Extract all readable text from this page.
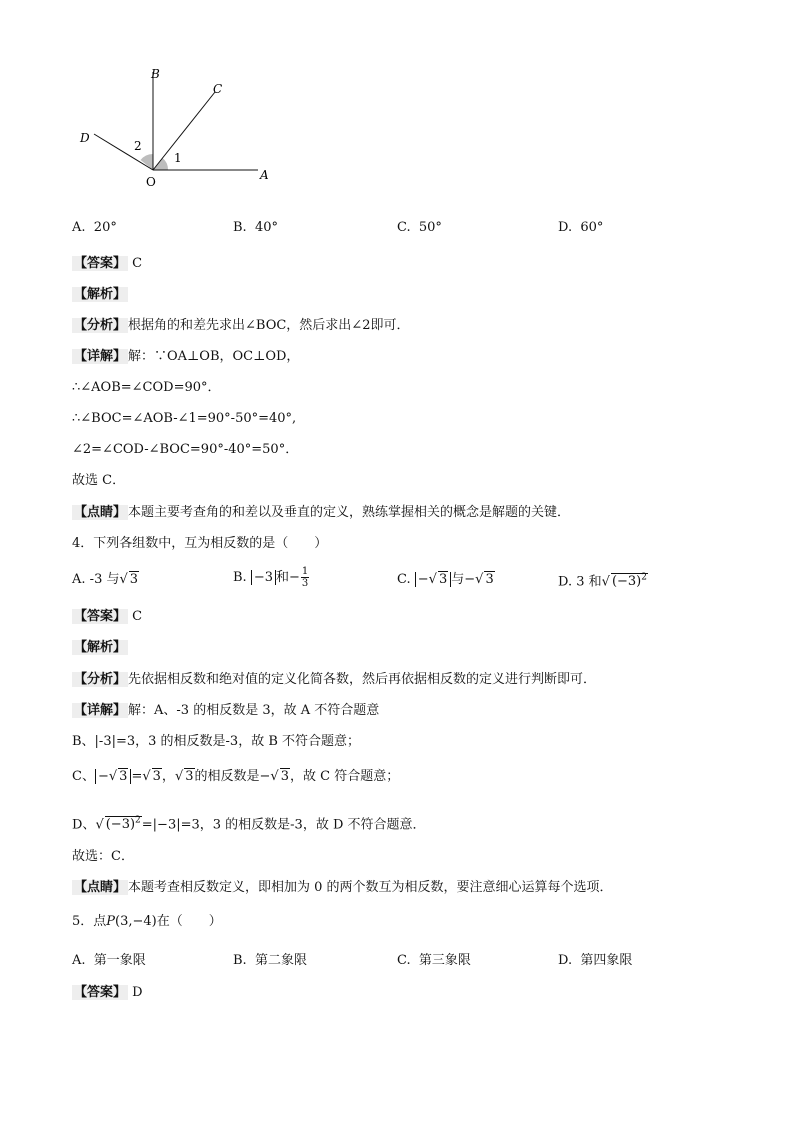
B
C
D
O	A
1
2
A. 20°	B. 40°	C. 50°	D. 60°
【答案】 C
【解析】
【分析】 根据角的和差先求出∠BOC，然后求出∠2即可．
【详解】 解：∵OA⊥OB，OC⊥OD，
∴∠AOB=∠COD=90°．
∴∠BOC=∠AOB-∠1=90°-50°=40°,
∠2=∠COD-∠BOC=90°-40°=50°．
故选 C．
【点睛】 本题主要考查角的和差以及垂直的定义，熟练掌握相关的概念是解题的关键．
4．下列各组数中，互为相反数的是（　　）
A. -3 与√ 3	B. −3 和− $\frac{1}{3}$	C. −√ 3 与−√ 3	D. 3 和√ $(-3)^2$
【答案】 C
【解析】
【分析】 先依据相反数和绝对值的定义化简各数，然后再依据相反数的定义进行判断即可．
【详解】 解：A、-3 的相反数是 3，故 A 不符合题意
B、|-3|=3，3 的相反数是-3，故 B 不符合题意；
C、 −√ 3 =√ 3，√ 3的相反数是−√ 3，故 C 符合题意；
D、√ $(-3)^2=|-3|=3$，3 的相反数是-3，故 D 不符合题意．
故选：C．
【点睛】 本题考查相反数定义，即相加为 0 的两个数互为相反数，要注意细心运算每个选项．
5．点P(3,−4)在（　　）
A. 第一象限	B. 第二象限	C. 第三象限	D. 第四象限
【答案】 D
